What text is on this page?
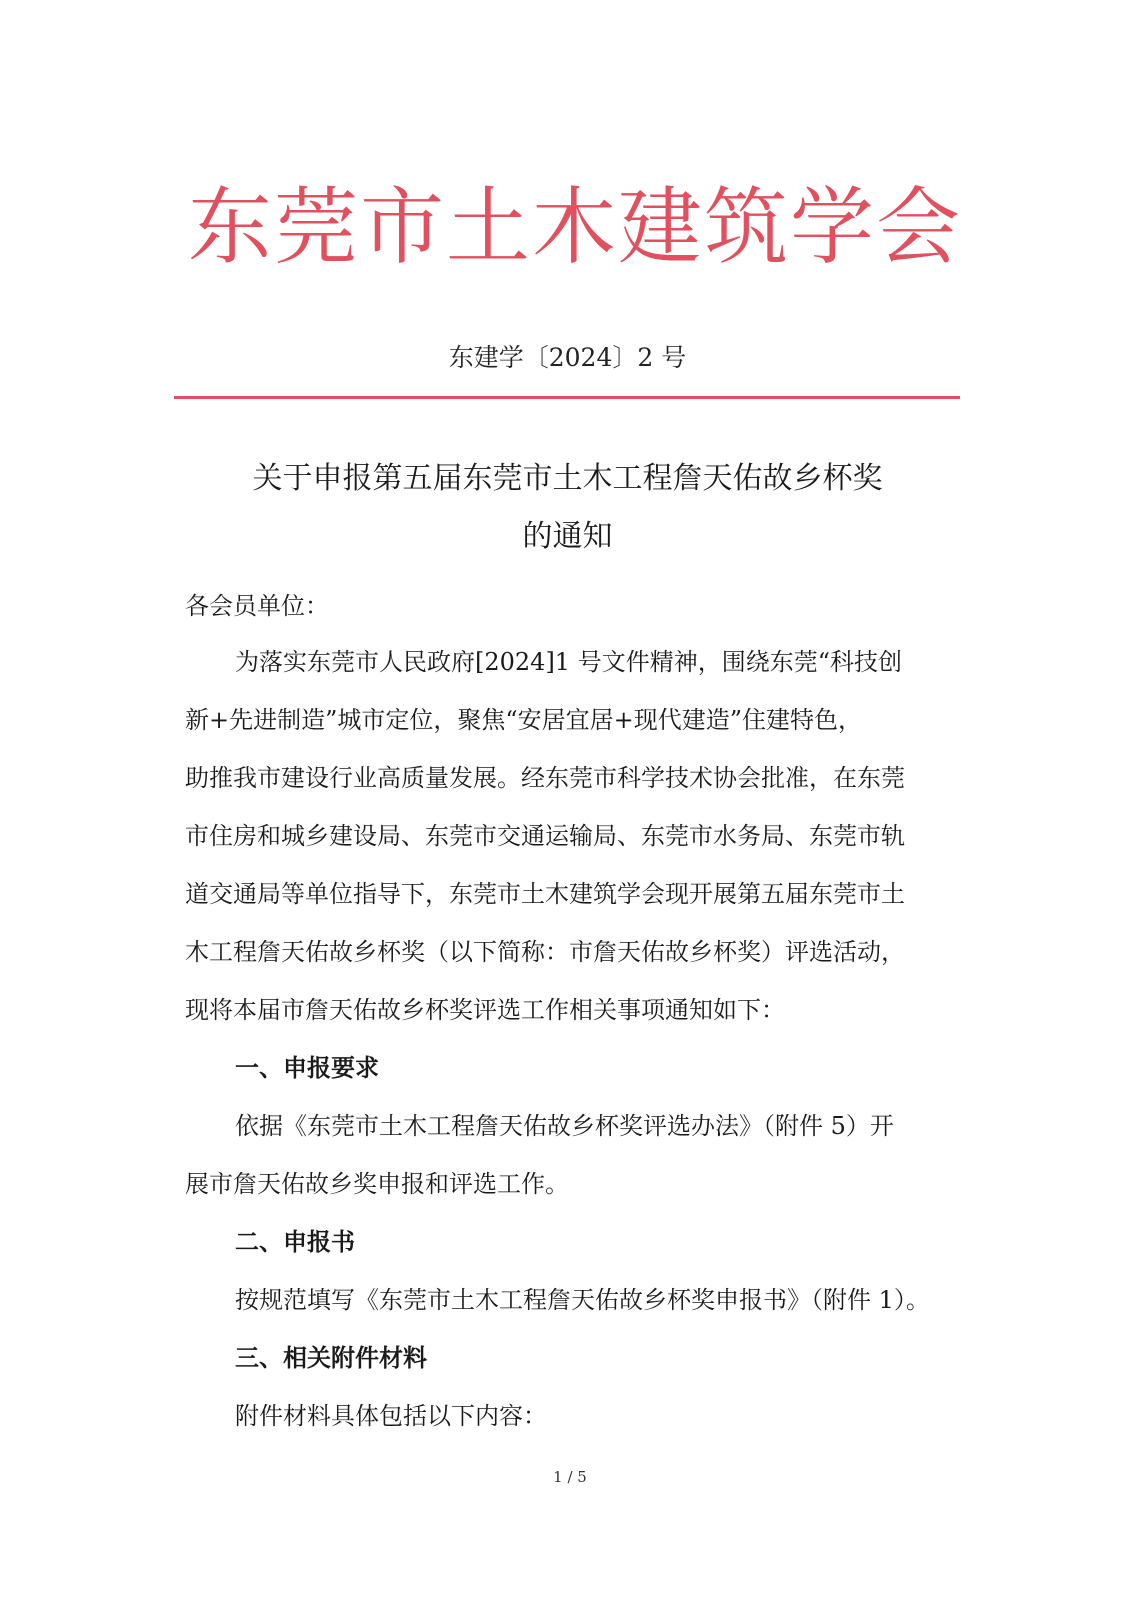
东莞市土木建筑学会
东建学〔2024〕2 号
关于申报第五届东莞市土木工程詹天佑故乡杯奖
的通知
各会员单位：
为落实东莞市人民政府[2024]1 号文件精神，围绕东莞“科技创
新+先进制造”城市定位，聚焦“安居宜居+现代建造”住建特色，
助推我市建设行业高质量发展。经东莞市科学技术协会批准，在东莞
市住房和城乡建设局、东莞市交通运输局、东莞市水务局、东莞市轨
道交通局等单位指导下，东莞市土木建筑学会现开展第五届东莞市土
木工程詹天佑故乡杯奖（以下简称：市詹天佑故乡杯奖）评选活动，
现将本届市詹天佑故乡杯奖评选工作相关事项通知如下：
一、申报要求
依据《东莞市土木工程詹天佑故乡杯奖评选办法》（附件 5）开
展市詹天佑故乡奖申报和评选工作。
二、申报书
按规范填写《东莞市土木工程詹天佑故乡杯奖申报书》（附件 1）。
三、相关附件材料
附件材料具体包括以下内容：
1 / 5
